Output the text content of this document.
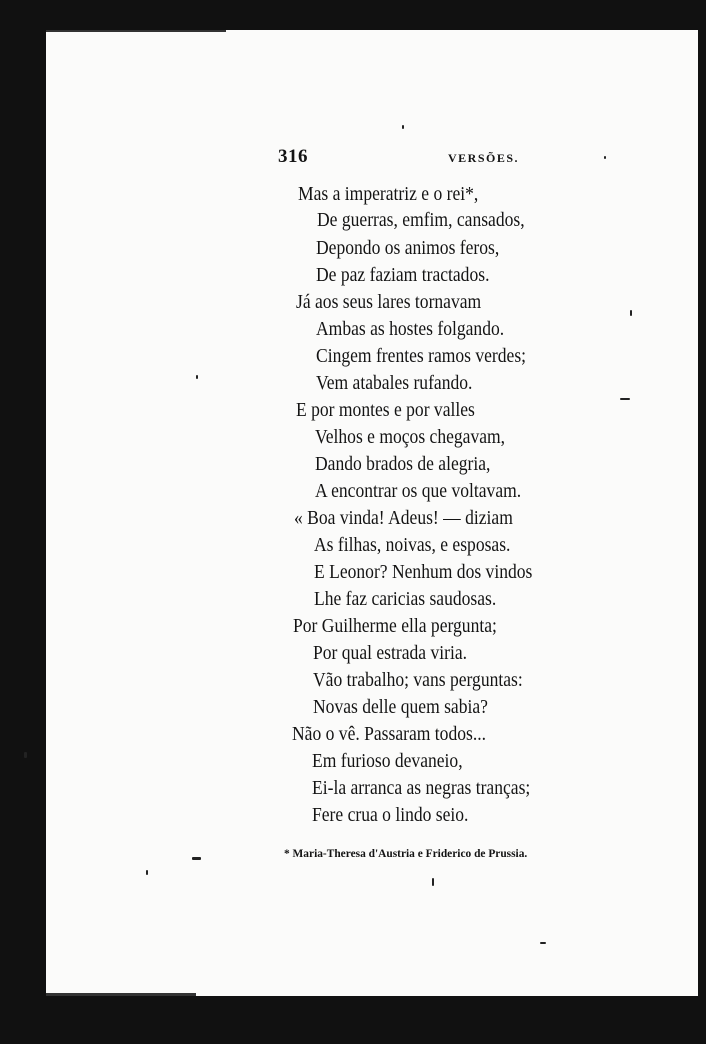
316	VERSÕES.
Mas a imperatriz e o rei*,
De guerras, emfim, cansados,
Depondo os animos feros,
De paz faziam tractados.
Já aos seus lares tornavam
Ambas as hostes folgando.
Cingem frentes ramos verdes;
Vem atabales rufando.
E por montes e por valles
Velhos e moços chegavam,
Dando brados de alegria,
A encontrar os que voltavam.
« Boa vinda! Adeus! — diziam
As filhas, noivas, e esposas.
E Leonor? Nenhum dos vindos
Lhe faz caricias saudosas.
Por Guilherme ella pergunta;
Por qual estrada viria.
Vão trabalho; vans perguntas:
Novas delle quem sabia?
Não o vê. Passaram todos...
Em furioso devaneio,
Ei-la arranca as negras tranças;
Fere crua o lindo seio.
* Maria-Theresa d'Austria e Friderico de Prussia.
